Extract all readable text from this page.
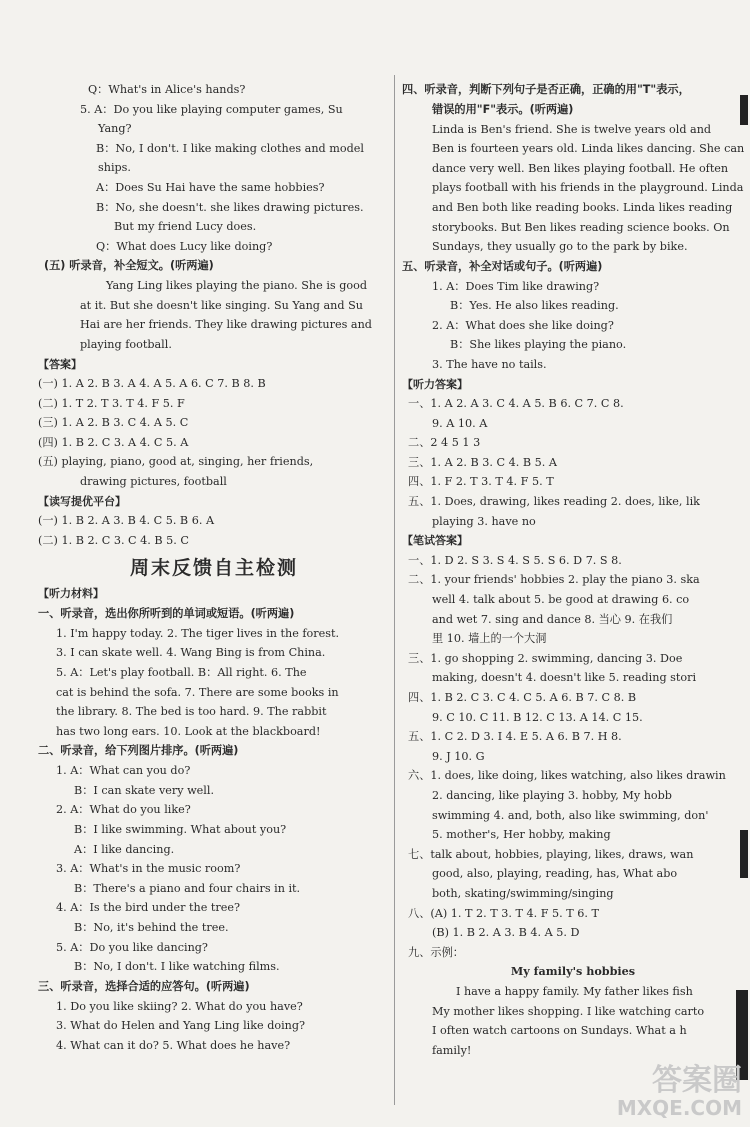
Q：What's in Alice's hands?
5. A：Do you like playing computer games, Su
Yang?
B：No, I don't. I like making clothes and model
ships.
A：Does Su Hai have the same hobbies?
B：No, she doesn't. she likes drawing pictures.
But my friend Lucy does.
Q：What does Lucy like doing?
(五) 听录音，补全短文。(听两遍)
Yang Ling likes playing the piano. She is good
at it. But she doesn't like singing. Su Yang and Su
Hai are her friends. They like drawing pictures and
playing football.
【答案】
(一) 1. A 2. B 3. A 4. A 5. A 6. C 7. B 8. B
(二) 1. T 2. T 3. T 4. F 5. F
(三) 1. A 2. B 3. C 4. A 5. C
(四) 1. B 2. C 3. A 4. C 5. A
(五) playing, piano, good at, singing, her friends,
drawing pictures, football
【读写提优平台】
(一) 1. B 2. A 3. B 4. C 5. B 6. A
(二) 1. B 2. C 3. C 4. B 5. C
周末反馈自主检测
【听力材料】
一、听录音，选出你所听到的单词或短语。(听两遍)
1. I'm happy today. 2. The tiger lives in the forest.
3. I can skate well. 4. Wang Bing is from China.
5. A：Let's play football. B：All right. 6. The
cat is behind the sofa. 7. There are some books in
the library. 8. The bed is too hard. 9. The rabbit
has two long ears. 10. Look at the blackboard!
二、听录音，给下列图片排序。(听两遍)
1. A：What can you do?
B：I can skate very well.
2. A：What do you like?
B：I like swimming. What about you?
A：I like dancing.
3. A：What's in the music room?
B：There's a piano and four chairs in it.
4. A：Is the bird under the tree?
B：No, it's behind the tree.
5. A：Do you like dancing?
B：No, I don't. I like watching films.
三、听录音，选择合适的应答句。(听两遍)
1. Do you like skiing? 2. What do you have?
3. What do Helen and Yang Ling like doing?
4. What can it do? 5. What does he have?
四、听录音，判断下列句子是否正确，正确的用"T"表示，
错误的用"F"表示。(听两遍)
Linda is Ben's friend. She is twelve years old and
Ben is fourteen years old. Linda likes dancing. She can
dance very well. Ben likes playing football. He often
plays football with his friends in the playground. Linda
and Ben both like reading books. Linda likes reading
storybooks. But Ben likes reading science books. On
Sundays, they usually go to the park by bike.
五、听录音，补全对话或句子。(听两遍)
1. A：Does Tim like drawing?
B：Yes. He also likes reading.
2. A：What does she like doing?
B：She likes playing the piano.
3. The have no tails.
【听力答案】
一、1. A 2. A 3. C 4. A 5. B 6. C 7. C 8.
9. A 10. A
二、2 4 5 1 3
三、1. A 2. B 3. C 4. B 5. A
四、1. F 2. T 3. T 4. F 5. T
五、1. Does, drawing, likes reading 2. does, like, lik
playing 3. have no
【笔试答案】
一、1. D 2. S 3. S 4. S 5. S 6. D 7. S 8.
二、1. your friends' hobbies 2. play the piano 3. ska
well 4. talk about 5. be good at drawing 6. co
and wet 7. sing and dance 8. 当心 9. 在我们
里 10. 墙上的一个大洞
三、1. go shopping 2. swimming, dancing 3. Doe
making, doesn't 4. doesn't like 5. reading stori
四、1. B 2. C 3. C 4. C 5. A 6. B 7. C 8. B
9. C 10. C 11. B 12. C 13. A 14. C 15.
五、1. C 2. D 3. I 4. E 5. A 6. B 7. H 8.
9. J 10. G
六、1. does, like doing, likes watching, also likes drawin
2. dancing, like playing 3. hobby, My hobb
swimming 4. and, both, also like swimming, don'
5. mother's, Her hobby, making
七、talk about, hobbies, playing, likes, draws, wan
good, also, playing, reading, has, What abo
both, skating/swimming/singing
八、(A) 1. T 2. T 3. T 4. F 5. T 6. T
(B) 1. B 2. A 3. B 4. A 5. D
九、示例：
My family's hobbies
I have a happy family. My father likes fish
My mother likes shopping. I like watching carto
I often watch cartoons on Sundays. What a h
family!
答案圈
MXQE.COM
